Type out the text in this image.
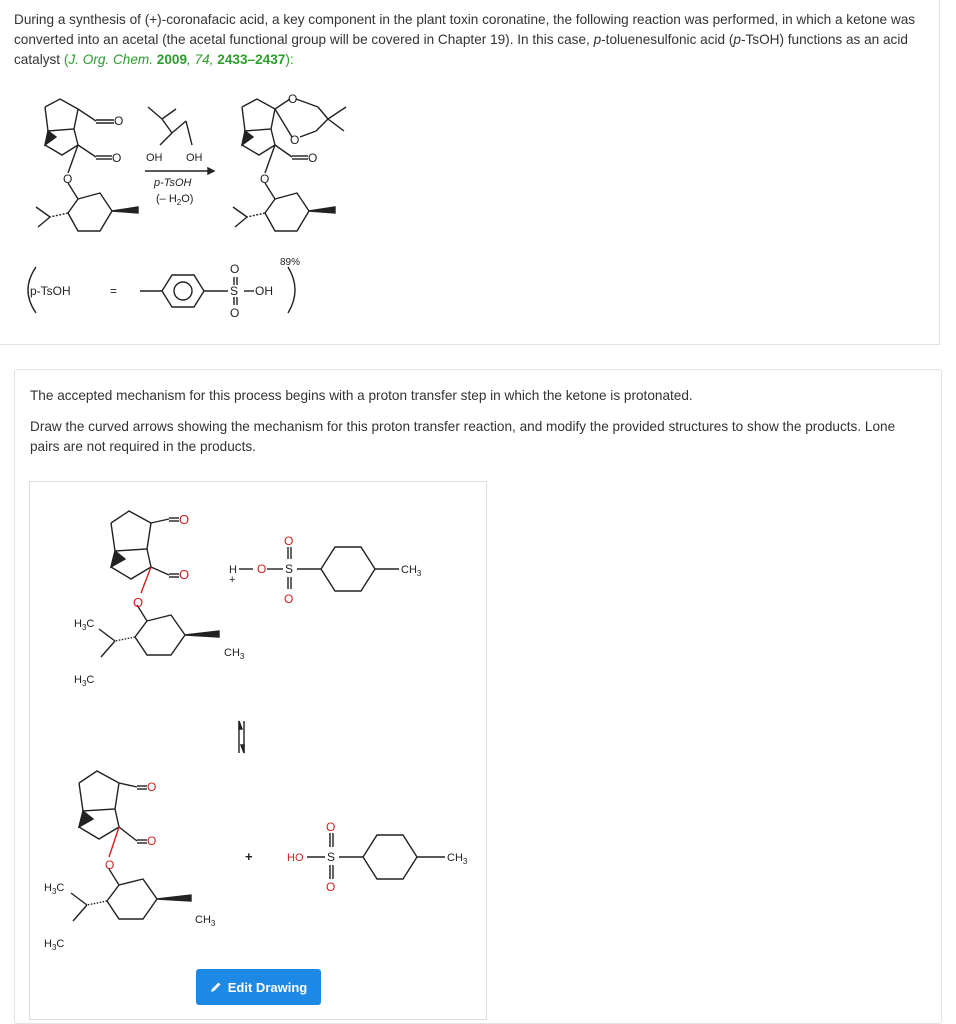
During a synthesis of (+)-coronafacic acid, a key component in the plant toxin coronatine, the following reaction was performed, in which a ketone was converted into an acetal (the acetal functional group will be covered in Chapter 19). In this case, p-toluenesulfonic acid (p-TsOH) functions as an acid catalyst (J. Org. Chem. 2009, 74, 2433–2437):
O
O
O
OH OH
p-TsOH
(– $H_2O$)
O
O
O
O
89%
p-TsOH	=
O
S
O
OH

The accepted mechanism for this process begins with a proton transfer step in which the ketone is protonated.

Draw the curved arrows showing the mechanism for this proton transfer reaction, and modify the provided structures to show the products. Lone pairs are not required in the products.

O
O
O
$H_3C$
$H_3C$
$CH_3$
H
+
O S
O
O
$CH_3$
O
O
O
$H_3C$
$H_3C$
$CH_3$
+	HO S
O
O
$CH_3$
Edit Drawing
